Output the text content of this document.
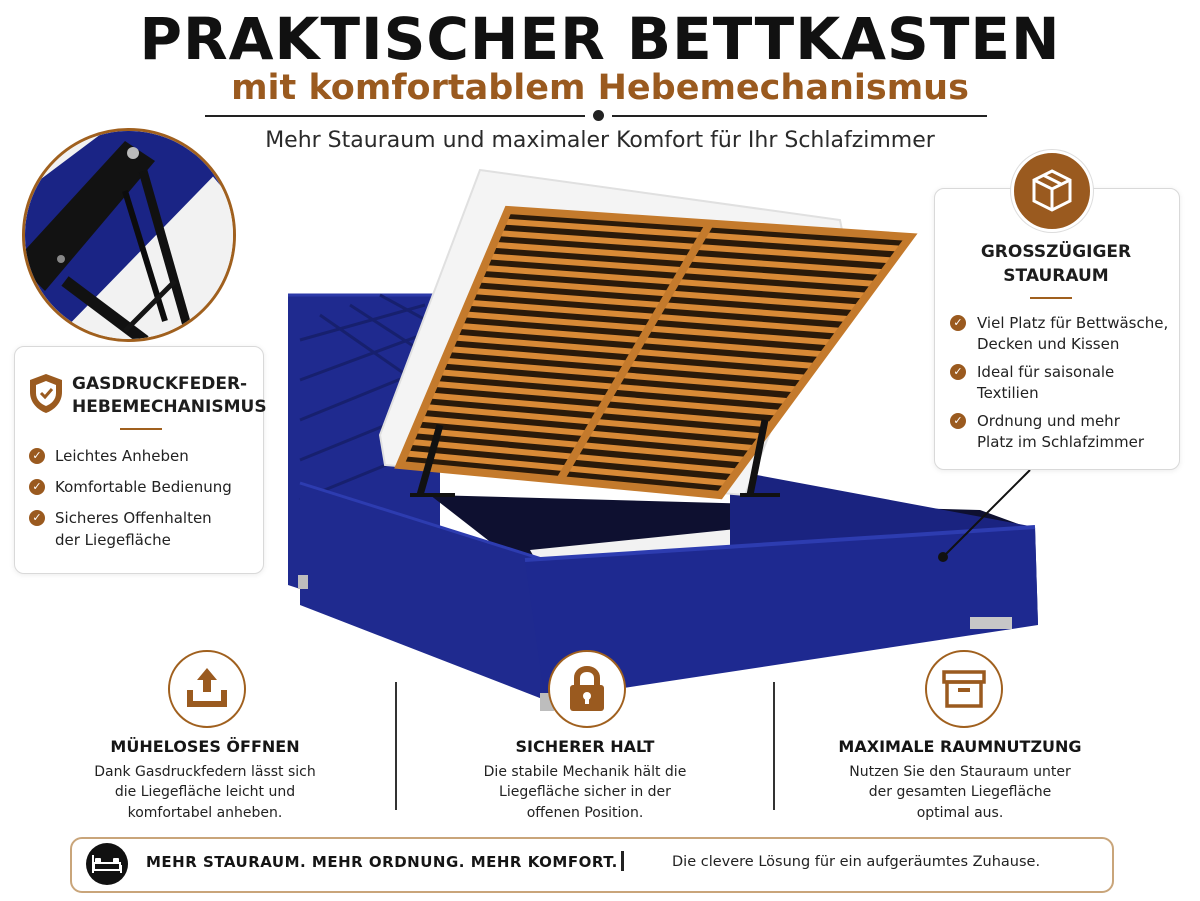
PRAKTISCHER BETTKASTEN
mit komfortablem Hebemechanismus
Mehr Stauraum und maximaler Komfort für Ihr Schlafzimmer
GASDRUCKFEDER-
HEBEMECHANISMUS
✓ Leichtes Anheben
✓ Komfortable Bedienung
✓ Sicheres Offenhalten
der Liegefläche
GROSSZÜGIGER
STAURAUM
✓ Viel Platz für Bettwäsche,
Decken und Kissen
✓ Ideal für saisonale
Textilien
✓ Ordnung und mehr
Platz im Schlafzimmer
MÜHELOSES ÖFFNEN
Dank Gasdruckfedern lässt sich
die Liegefläche leicht und
komfortabel anheben.
SICHERER HALT
Die stabile Mechanik hält die
Liegefläche sicher in der
offenen Position.
MAXIMALE RAUMNUTZUNG
Nutzen Sie den Stauraum unter
der gesamten Liegefläche
optimal aus.
MEHR STAURAUM. MEHR ORDNUNG. MEHR KOMFORT.	Die clevere Lösung für ein aufgeräumtes Zuhause.
